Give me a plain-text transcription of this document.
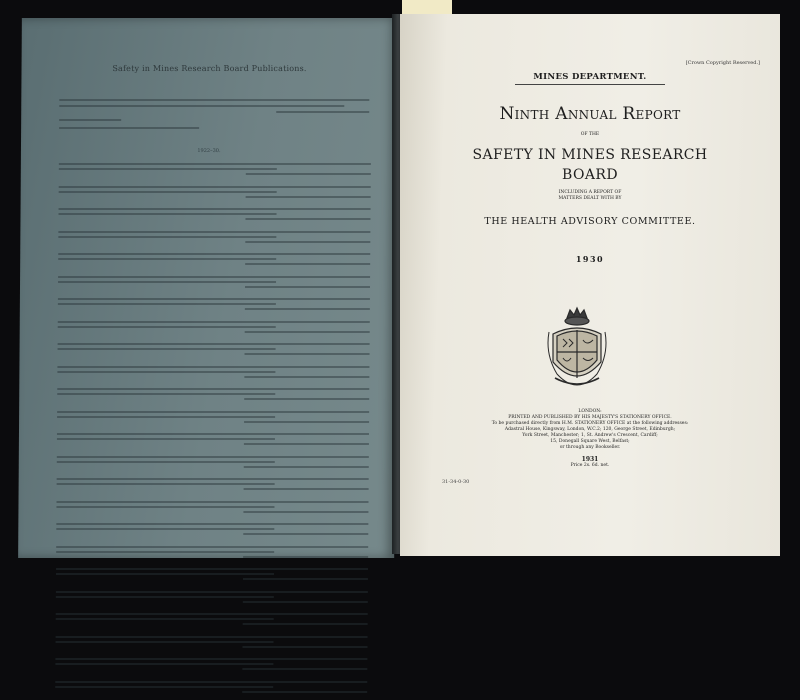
Safety in Mines Research Board Publications.
1922–30.
[Crown Copyright Reserved.]
MINES DEPARTMENT.
Ninth Annual Report
OF THE
SAFETY IN MINES RESEARCH
BOARD
INCLUDING A REPORT OF
MATTERS DEALT WITH BY
THE HEALTH ADVISORY COMMITTEE.
1930
LONDON:
PRINTED AND PUBLISHED BY HIS MAJESTY'S STATIONERY OFFICE.
To be purchased directly from H.M. STATIONERY OFFICE at the following addresses:
Adastral House, Kingsway, London, W.C.2; 120, George Street, Edinburgh;
York Street, Manchester; 1, St. Andrew's Crescent, Cardiff;
15, Donegall Square West, Belfast;
or through any Bookseller.
1931
Price 2s. 6d. net.
31-34-0-30
